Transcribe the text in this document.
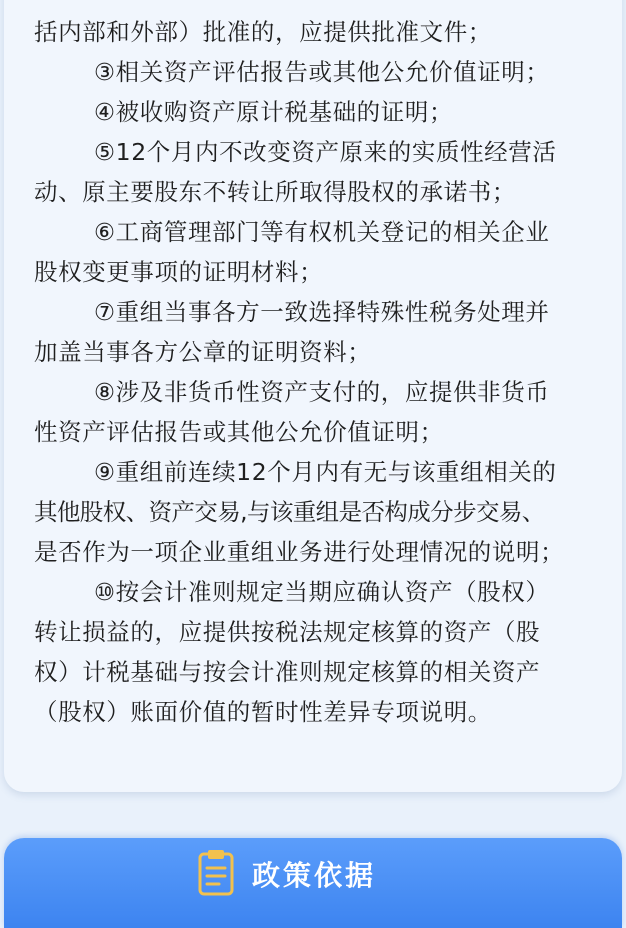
括内部和外部）批准的，应提供批准文件；
③相关资产评估报告或其他公允价值证明；
④被收购资产原计税基础的证明；
⑤12个月内不改变资产原来的实质性经营活
动、原主要股东不转让所取得股权的承诺书；
⑥工商管理部门等有权机关登记的相关企业
股权变更事项的证明材料；
⑦重组当事各方一致选择特殊性税务处理并
加盖当事各方公章的证明资料；
⑧涉及非货币性资产支付的，应提供非货币
性资产评估报告或其他公允价值证明；
⑨重组前连续12个月内有无与该重组相关的
其他股权、资产交易,与该重组是否构成分步交易、
是否作为一项企业重组业务进行处理情况的说明；
⑩按会计准则规定当期应确认资产（股权）
转让损益的，应提供按税法规定核算的资产（股
权）计税基础与按会计准则规定核算的相关资产
（股权）账面价值的暂时性差异专项说明。
政策依据
